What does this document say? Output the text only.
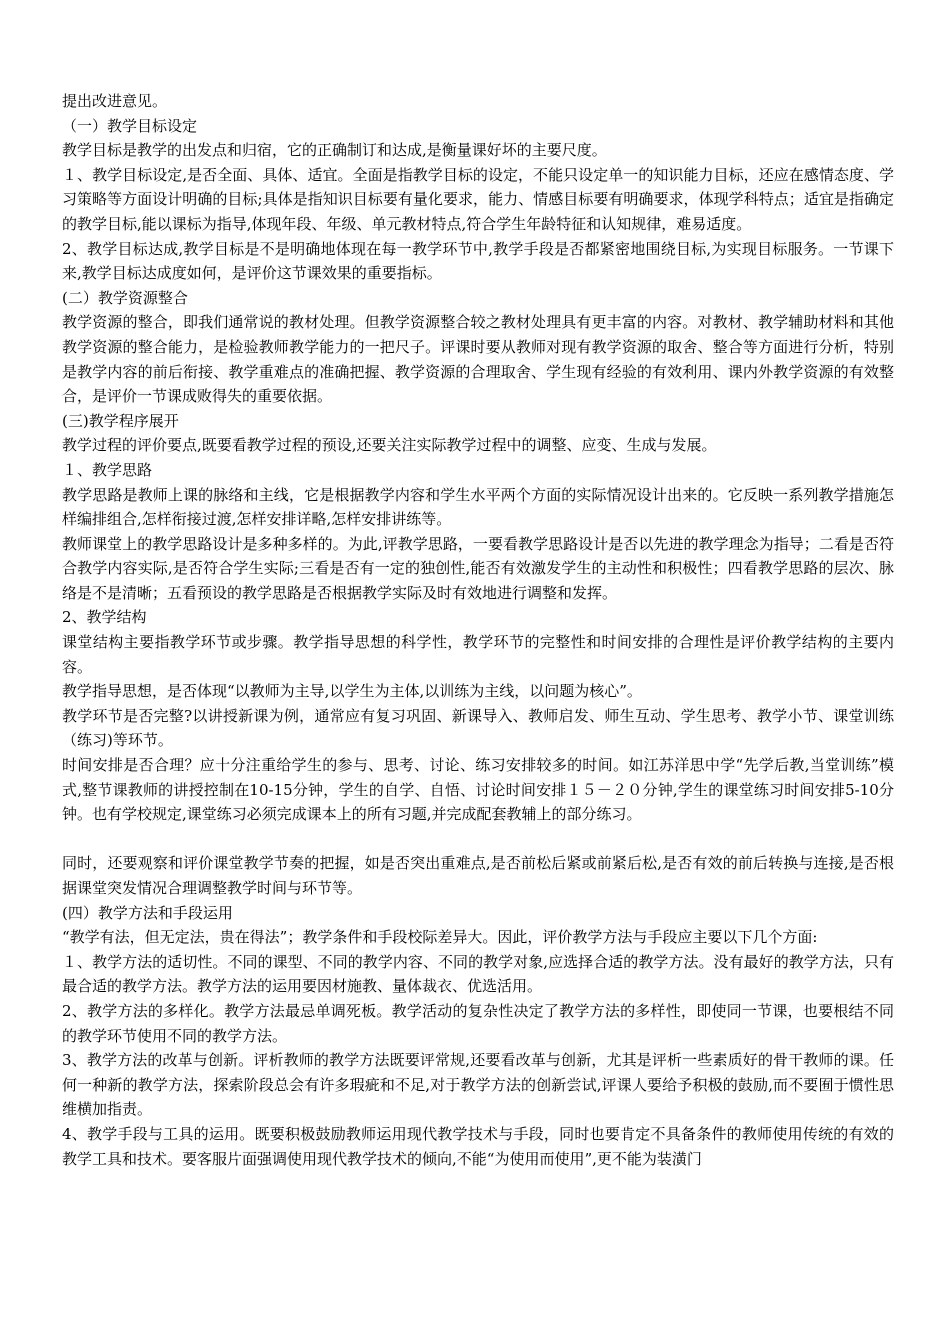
提出改进意见。

（一）教学目标设定

教学目标是教学的出发点和归宿，它的正确制订和达成,是衡量课好坏的主要尺度。

１、教学目标设定,是否全面、具体、适宜。全面是指教学目标的设定，不能只设定单一的知识能力目标，还应在感情态度、学习策略等方面设计明确的目标;具体是指知识目标要有量化要求，能力、情感目标要有明确要求，体现学科特点；适宜是指确定的教学目标,能以课标为指导,体现年段、年级、单元教材特点,符合学生年龄特征和认知规律，难易适度。

2、教学目标达成,教学目标是不是明确地体现在每一教学环节中,教学手段是否都紧密地围绕目标,为实现目标服务。一节课下来,教学目标达成度如何，是评价这节课效果的重要指标。

(二）教学资源整合

教学资源的整合，即我们通常说的教材处理。但教学资源整合较之教材处理具有更丰富的内容。对教材、教学辅助材料和其他教学资源的整合能力，是检验教师教学能力的一把尺子。评课时要从教师对现有教学资源的取舍、整合等方面进行分析，特别是教学内容的前后衔接、教学重难点的准确把握、教学资源的合理取舍、学生现有经验的有效利用、课内外教学资源的有效整合，是评价一节课成败得失的重要依据。

(三)教学程序展开

教学过程的评价要点,既要看教学过程的预设,还要关注实际教学过程中的调整、应变、生成与发展。

１、教学思路

教学思路是教师上课的脉络和主线，它是根据教学内容和学生水平两个方面的实际情况设计出来的。它反映一系列教学措施怎样编排组合,怎样衔接过渡,怎样安排详略,怎样安排讲练等。

教师课堂上的教学思路设计是多种多样的。为此,评教学思路，一要看教学思路设计是否以先进的教学理念为指导；二看是否符合教学内容实际,是否符合学生实际;三看是否有一定的独创性,能否有效激发学生的主动性和积极性；四看教学思路的层次、脉络是不是清晰；五看预设的教学思路是否根据教学实际及时有效地进行调整和发挥。

2、教学结构

课堂结构主要指教学环节或步骤。教学指导思想的科学性，教学环节的完整性和时间安排的合理性是评价教学结构的主要内容。

教学指导思想，是否体现“以教师为主导,以学生为主体,以训练为主线，以问题为核心”。

教学环节是否完整?以讲授新课为例，通常应有复习巩固、新课导入、教师启发、师生互动、学生思考、教学小节、课堂训练（练习)等环节。

时间安排是否合理？应十分注重给学生的参与、思考、讨论、练习安排较多的时间。如江苏洋思中学“先学后教,当堂训练”模式,整节课教师的讲授控制在10-15分钟，学生的自学、自悟、讨论时间安排１５－２０分钟,学生的课堂练习时间安排5-10分钟。也有学校规定,课堂练习必须完成课本上的所有习题,并完成配套教辅上的部分练习。

同时，还要观察和评价课堂教学节奏的把握，如是否突出重难点,是否前松后紧或前紧后松,是否有效的前后转换与连接,是否根据课堂突发情况合理调整教学时间与环节等。

(四）教学方法和手段运用

“教学有法，但无定法，贵在得法”；教学条件和手段校际差异大。因此，评价教学方法与手段应主要以下几个方面:

１、教学方法的适切性。不同的课型、不同的教学内容、不同的教学对象,应选择合适的教学方法。没有最好的教学方法，只有最合适的教学方法。教学方法的运用要因材施教、量体裁衣、优选活用。

2、教学方法的多样化。教学方法最忌单调死板。教学活动的复杂性决定了教学方法的多样性，即使同一节课，也要根结不同的教学环节使用不同的教学方法。

3、教学方法的改革与创新。评析教师的教学方法既要评常规,还要看改革与创新，尤其是评析一些素质好的骨干教师的课。任何一种新的教学方法，探索阶段总会有许多瑕疵和不足,对于教学方法的创新尝试,评课人要给予积极的鼓励,而不要囿于惯性思维横加指责。

4、教学手段与工具的运用。既要积极鼓励教师运用现代教学技术与手段，同时也要肯定不具备条件的教师使用传统的有效的教学工具和技术。要客服片面强调使用现代教学技术的倾向,不能“为使用而使用”,更不能为装潢门
